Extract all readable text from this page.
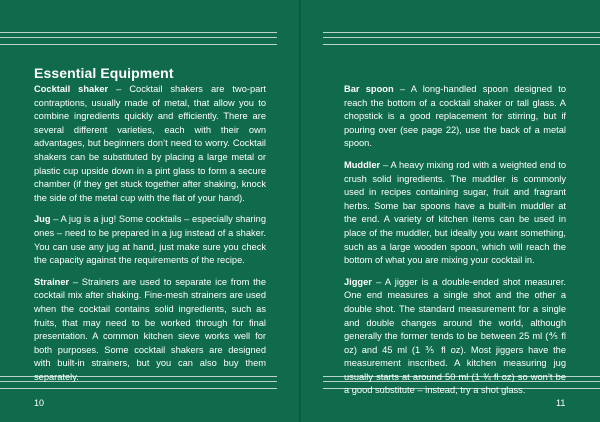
Essential Equipment

Cocktail shaker – Cocktail shakers are two-part contraptions, usually made of metal, that allow you to combine ingredients quickly and efficiently. There are several different varieties, each with their own advantages, but beginners don’t need to worry. Cocktail shakers can be substituted by placing a large metal or plastic cup upside down in a pint glass to form a secure chamber (if they get stuck together after shaking, knock the side of the metal cup with the flat of your hand).

Jug – A jug is a jug! Some cocktails – especially sharing ones – need to be prepared in a jug instead of a shaker. You can use any jug at hand, just make sure you check the capacity against the requirements of the recipe.

Strainer – Strainers are used to separate ice from the cocktail mix after shaking. Fine-mesh strainers are used when the cocktail contains solid ingredients, such as fruits, that may need to be worked through for final presentation. A common kitchen sieve works well for both purposes. Some cocktail shakers are designed with built-in strainers, but you can also buy them separately.

Bar spoon – A long-handled spoon designed to reach the bottom of a cocktail shaker or tall glass. A chopstick is a good replacement for stirring, but if pouring over (see page 22), use the back of a metal spoon.

Muddler – A heavy mixing rod with a weighted end to crush solid ingredients. The muddler is commonly used in recipes containing sugar, fruit and fragrant herbs. Some bar spoons have a built-in muddler at the end. A variety of kitchen items can be used in place of the muddler, but ideally you want something, such as a large wooden spoon, which will reach the bottom of what you are mixing your cocktail in.

Jigger – A jigger is a double-ended shot measurer. One end measures a single shot and the other a double shot. The standard measurement for a single and double changes around the world, although generally the former tends to be between 25 ml (⅘ fl oz) and 45 ml (1 ⅗ fl oz). Most jiggers have the measurement inscribed. A kitchen measuring jug usually starts at around 50 ml (1 ¾ fl oz) so won’t be a good substitute – instead, try a shot glass.

10	11
